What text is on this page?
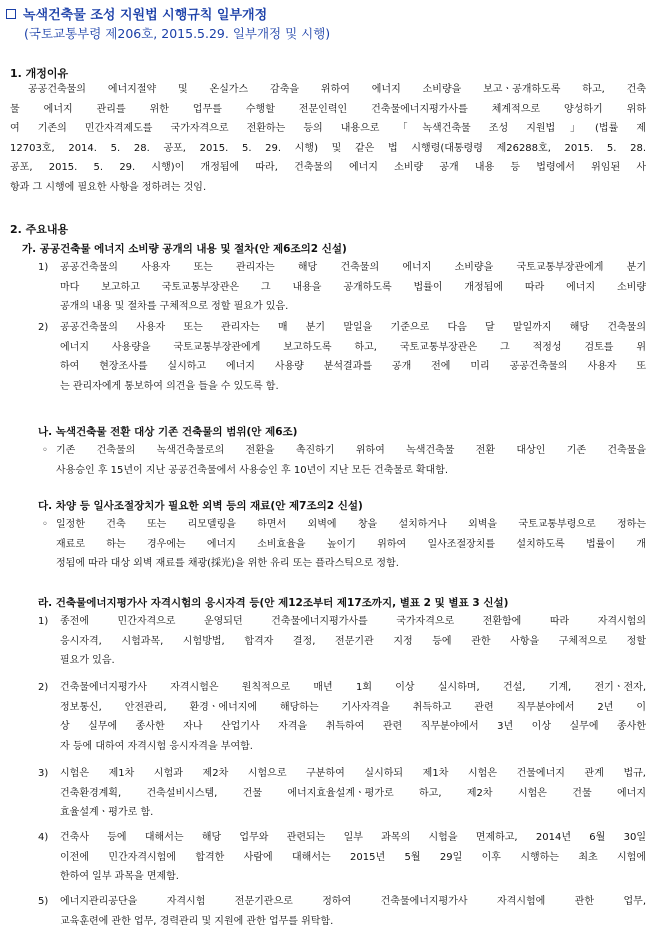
녹색건축물 조성 지원법 시행규칙 일부개정
(국토교통부령 제206호, 2015.5.29. 일부개정 및 시행)
1. 개정이유
공공건축물의 에너지절약 및 온실가스 감축을 위하여 에너지 소비량을 보고ㆍ공개하도록 하고, 건축
물 에너지 관리를 위한 업무를 수행할 전문인력인 건축물에너지평가사를 체계적으로 양성하기 위하
여 기존의 민간자격제도를 국가자격으로 전환하는 등의 내용으로 「녹색건축물 조성 지원법」(법률 제
12703호, 2014. 5. 28. 공포, 2015. 5. 29. 시행) 및 같은 법 시행령(대통령령 제26288호, 2015. 5. 28.
공포, 2015. 5. 29. 시행)이 개정됨에 따라, 건축물의 에너지 소비량 공개 내용 등 법령에서 위임된 사
항과 그 시행에 필요한 사항을 정하려는 것임.
2. 주요내용
가. 공공건축물 에너지 소비량 공개의 내용 및 절차(안 제6조의2 신설)
1) 공공건축물의 사용자 또는 관리자는 해당 건축물의 에너지 소비량을 국토교통부장관에게 분기
마다 보고하고 국토교통부장관은 그 내용을 공개하도록 법률이 개정됨에 따라 에너지 소비량
공개의 내용 및 절차를 구체적으로 정할 필요가 있음.
2) 공공건축물의 사용자 또는 관리자는 매 분기 말일을 기준으로 다음 달 말일까지 해당 건축물의
에너지 사용량을 국토교통부장관에게 보고하도록 하고, 국토교통부장관은 그 적정성 검토를 위
하여 현장조사를 실시하고 에너지 사용량 분석결과를 공개 전에 미리 공공건축물의 사용자 또
는 관리자에게 통보하여 의견을 들을 수 있도록 함.
나. 녹색건축물 전환 대상 기존 건축물의 범위(안 제6조)
◦ 기존 건축물의 녹색건축물로의 전환을 촉진하기 위하여 녹색건축물 전환 대상인 기존 건축물을
사용승인 후 15년이 지난 공공건축물에서 사용승인 후 10년이 지난 모든 건축물로 확대함.
다. 차양 등 일사조절장치가 필요한 외벽 등의 재료(안 제7조의2 신설)
◦ 일정한 건축 또는 리모델링을 하면서 외벽에 창을 설치하거나 외벽을 국토교통부령으로 정하는
재료로 하는 경우에는 에너지 소비효율을 높이기 위하여 일사조절장치를 설치하도록 법률이 개
정됨에 따라 대상 외벽 재료를 채광(採光)을 위한 유리 또는 플라스틱으로 정함.
라. 건축물에너지평가사 자격시험의 응시자격 등(안 제12조부터 제17조까지, 별표 2 및 별표 3 신설)
1) 종전에 민간자격으로 운영되던 건축물에너지평가사를 국가자격으로 전환함에 따라 자격시험의
응시자격, 시험과목, 시험방법, 합격자 결정, 전문기관 지정 등에 관한 사항을 구체적으로 정할
필요가 있음.
2) 건축물에너지평가사 자격시험은 원칙적으로 매년 1회 이상 실시하며, 건설, 기계, 전기ㆍ전자,
정보통신, 안전관리, 환경ㆍ에너지에 해당하는 기사자격을 취득하고 관련 직무분야에서 2년 이
상 실무에 종사한 자나 산업기사 자격을 취득하여 관련 직무분야에서 3년 이상 실무에 종사한
자 등에 대하여 자격시험 응시자격을 부여함.
3) 시험은 제1차 시험과 제2차 시험으로 구분하여 실시하되 제1차 시험은 건물에너지 관계 법규,
건축환경계획, 건축설비시스템, 건물 에너지효율설계ㆍ평가로 하고, 제2차 시험은 건물 에너지
효율설계ㆍ평가로 함.
4) 건축사 등에 대해서는 해당 업무와 관련되는 일부 과목의 시험을 면제하고, 2014년 6월 30일
이전에 민간자격시험에 합격한 사람에 대해서는 2015년 5월 29일 이후 시행하는 최초 시험에
한하여 일부 과목을 면제함.
5) 에너지관리공단을 자격시험 전문기관으로 정하여 건축물에너지평가사 자격시험에 관한 업무,
교육훈련에 관한 업무, 경력관리 및 지원에 관한 업무를 위탁함.
